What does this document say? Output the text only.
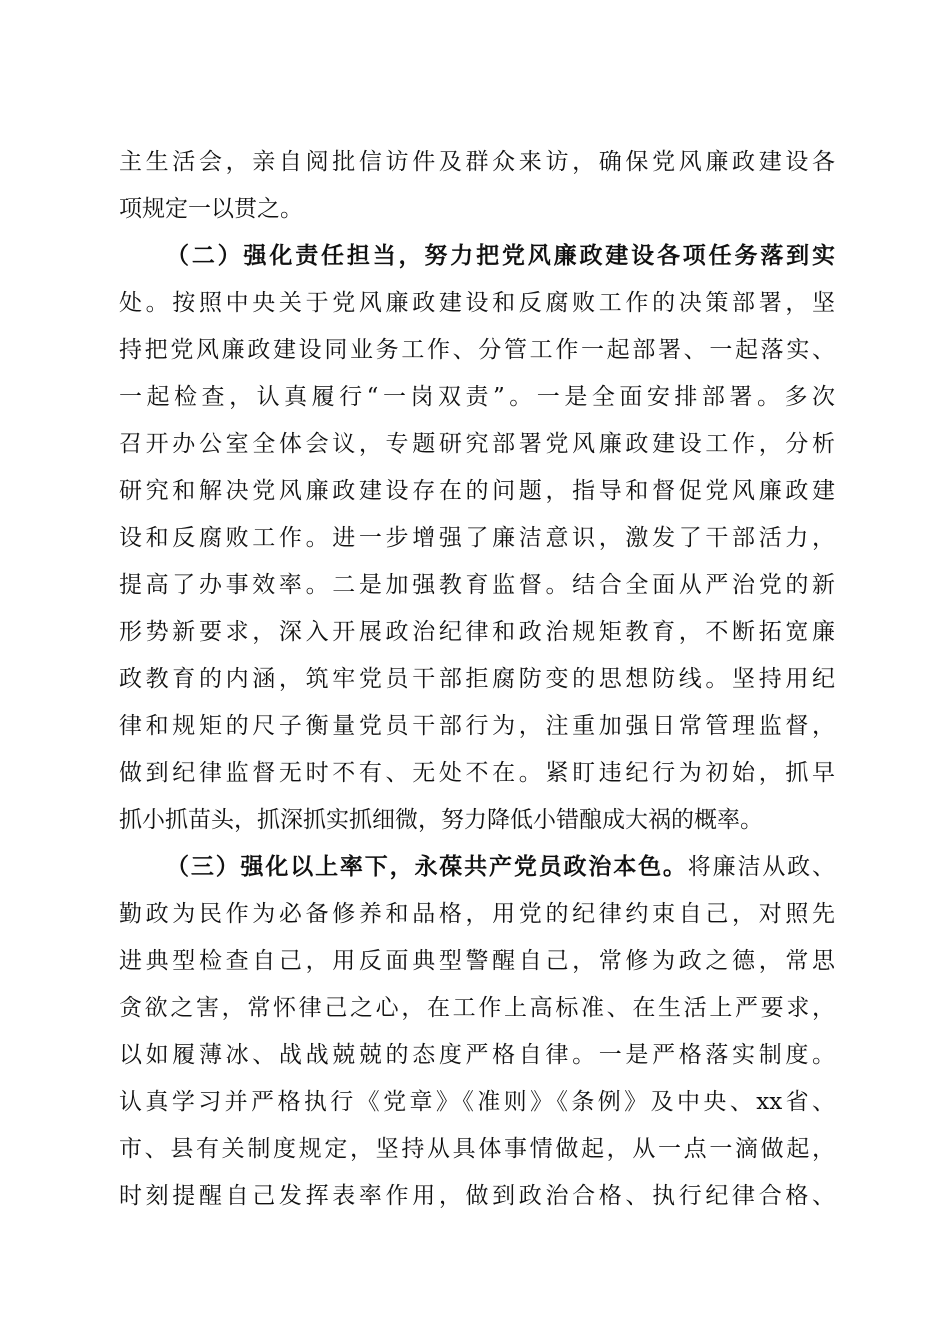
主生活会，亲自阅批信访件及群众来访，确保党风廉政建设各
项规定一以贯之。
（二）强化责任担当，努力把党风廉政建设各项任务落到实
处。按照中央关于党风廉政建设和反腐败工作的决策部署，坚
持把党风廉政建设同业务工作、分管工作一起部署、一起落实、
一起检查，认真履行“一岗双责”。一是全面安排部署。多次
召开办公室全体会议，专题研究部署党风廉政建设工作，分析
研究和解决党风廉政建设存在的问题，指导和督促党风廉政建
设和反腐败工作。进一步增强了廉洁意识，激发了干部活力，
提高了办事效率。二是加强教育监督。结合全面从严治党的新
形势新要求，深入开展政治纪律和政治规矩教育，不断拓宽廉
政教育的内涵，筑牢党员干部拒腐防变的思想防线。坚持用纪
律和规矩的尺子衡量党员干部行为，注重加强日常管理监督，
做到纪律监督无时不有、无处不在。紧盯违纪行为初始，抓早
抓小抓苗头，抓深抓实抓细微，努力降低小错酿成大祸的概率。
（三）强化以上率下，永葆共产党员政治本色。将廉洁从政、
勤政为民作为必备修养和品格，用党的纪律约束自己，对照先
进典型检查自己，用反面典型警醒自己，常修为政之德，常思
贪欲之害，常怀律己之心，在工作上高标准、在生活上严要求，
以如履薄冰、战战兢兢的态度严格自律。一是严格落实制度。
认真学习并严格执行《党章》《准则》《条例》及中央、xx省、
市、县有关制度规定，坚持从具体事情做起，从一点一滴做起，
时刻提醒自己发挥表率作用，做到政治合格、执行纪律合格、
